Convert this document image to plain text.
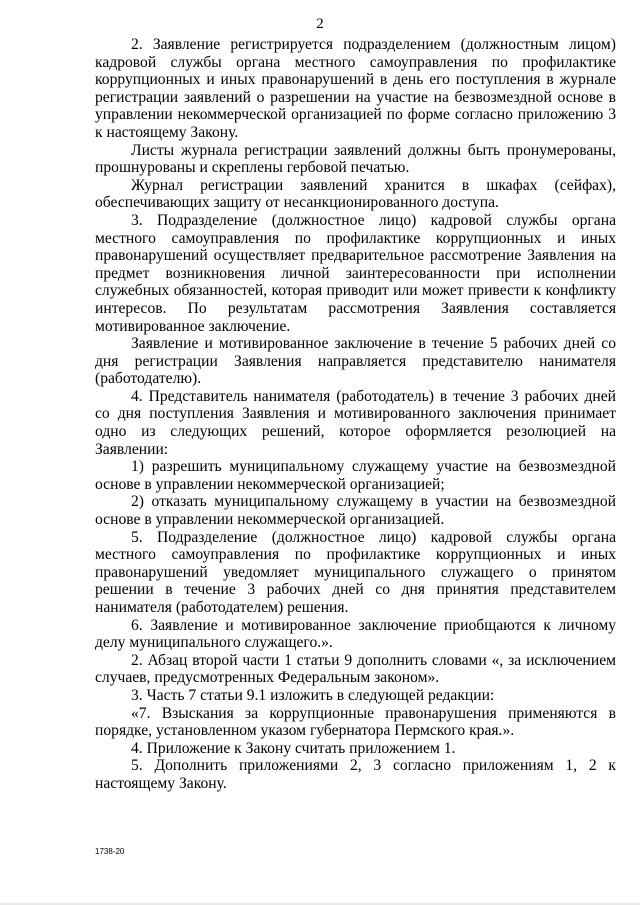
2

2. Заявление регистрируется подразделением (должностным лицом) кадровой службы органа местного самоуправления по профилактике коррупционных и иных правонарушений в день его поступления в журнале регистрации заявлений о разрешении на участие на безвозмездной основе в управлении некоммерческой организацией по форме согласно приложению 3 к настоящему Закону.

Листы журнала регистрации заявлений должны быть пронумерованы, прошнурованы и скреплены гербовой печатью.

Журнал регистрации заявлений хранится в шкафах (сейфах), обеспечивающих защиту от несанкционированного доступа.

3. Подразделение (должностное лицо) кадровой службы органа местного самоуправления по профилактике коррупционных и иных правонарушений осуществляет предварительное рассмотрение Заявления на предмет возникновения личной заинтересованности при исполнении служебных обязанностей, которая приводит или может привести к конфликту интересов. По результатам рассмотрения Заявления составляется мотивированное заключение.

Заявление и мотивированное заключение в течение 5 рабочих дней со дня регистрации Заявления направляется представителю нанимателя (работодателю).

4. Представитель нанимателя (работодатель) в течение 3 рабочих дней со дня поступления Заявления и мотивированного заключения принимает одно из следующих решений, которое оформляется резолюцией на Заявлении:

1) разрешить муниципальному служащему участие на безвозмездной основе в управлении некоммерческой организацией;

2) отказать муниципальному служащему в участии на безвозмездной основе в управлении некоммерческой организацией.

5. Подразделение (должностное лицо) кадровой службы органа местного самоуправления по профилактике коррупционных и иных правонарушений уведомляет муниципального служащего о принятом решении в течение 3 рабочих дней со дня принятия представителем нанимателя (работодателем) решения.

6. Заявление и мотивированное заключение приобщаются к личному делу муниципального служащего.».

2. Абзац второй части 1 статьи 9 дополнить словами «, за исключением случаев, предусмотренных Федеральным законом».

3. Часть 7 статьи 9.1 изложить в следующей редакции:

«7. Взыскания за коррупционные правонарушения применяются в порядке, установленном указом губернатора Пермского края.».

4. Приложение к Закону считать приложением 1.

5. Дополнить приложениями 2, 3 согласно приложениям 1, 2 к настоящему Закону.

1738-20
